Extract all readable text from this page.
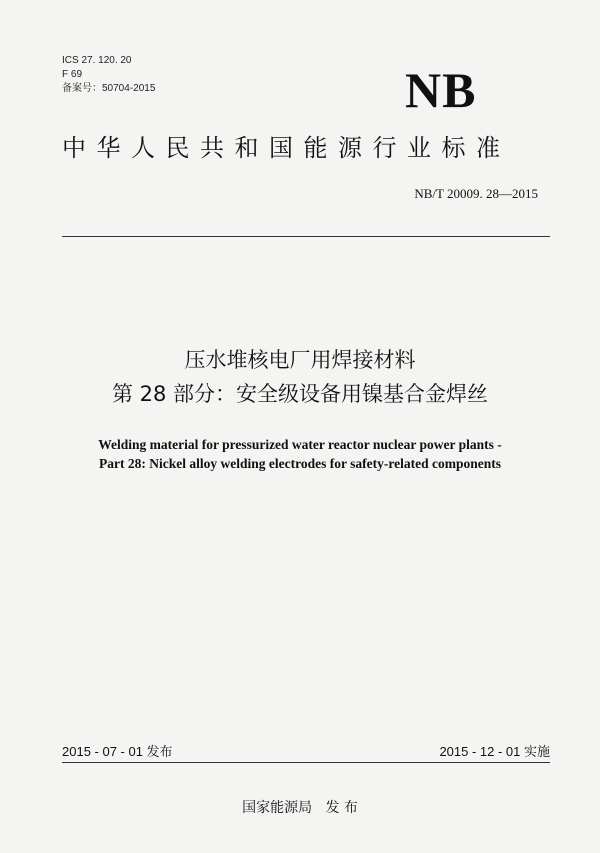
ICS 27. 120. 20
F 69
备案号：50704-2015	NB
中华人民共和国能源行业标准
NB/T 20009. 28—2015
压水堆核电厂用焊接材料
第 28 部分：安全级设备用镍基合金焊丝
Welding material for pressurized water reactor nuclear power plants -
Part 28: Nickel alloy welding electrodes for safety-related components
2015 - 07 - 01 发布	2015 - 12 - 01 实施
国家能源局   发 布
